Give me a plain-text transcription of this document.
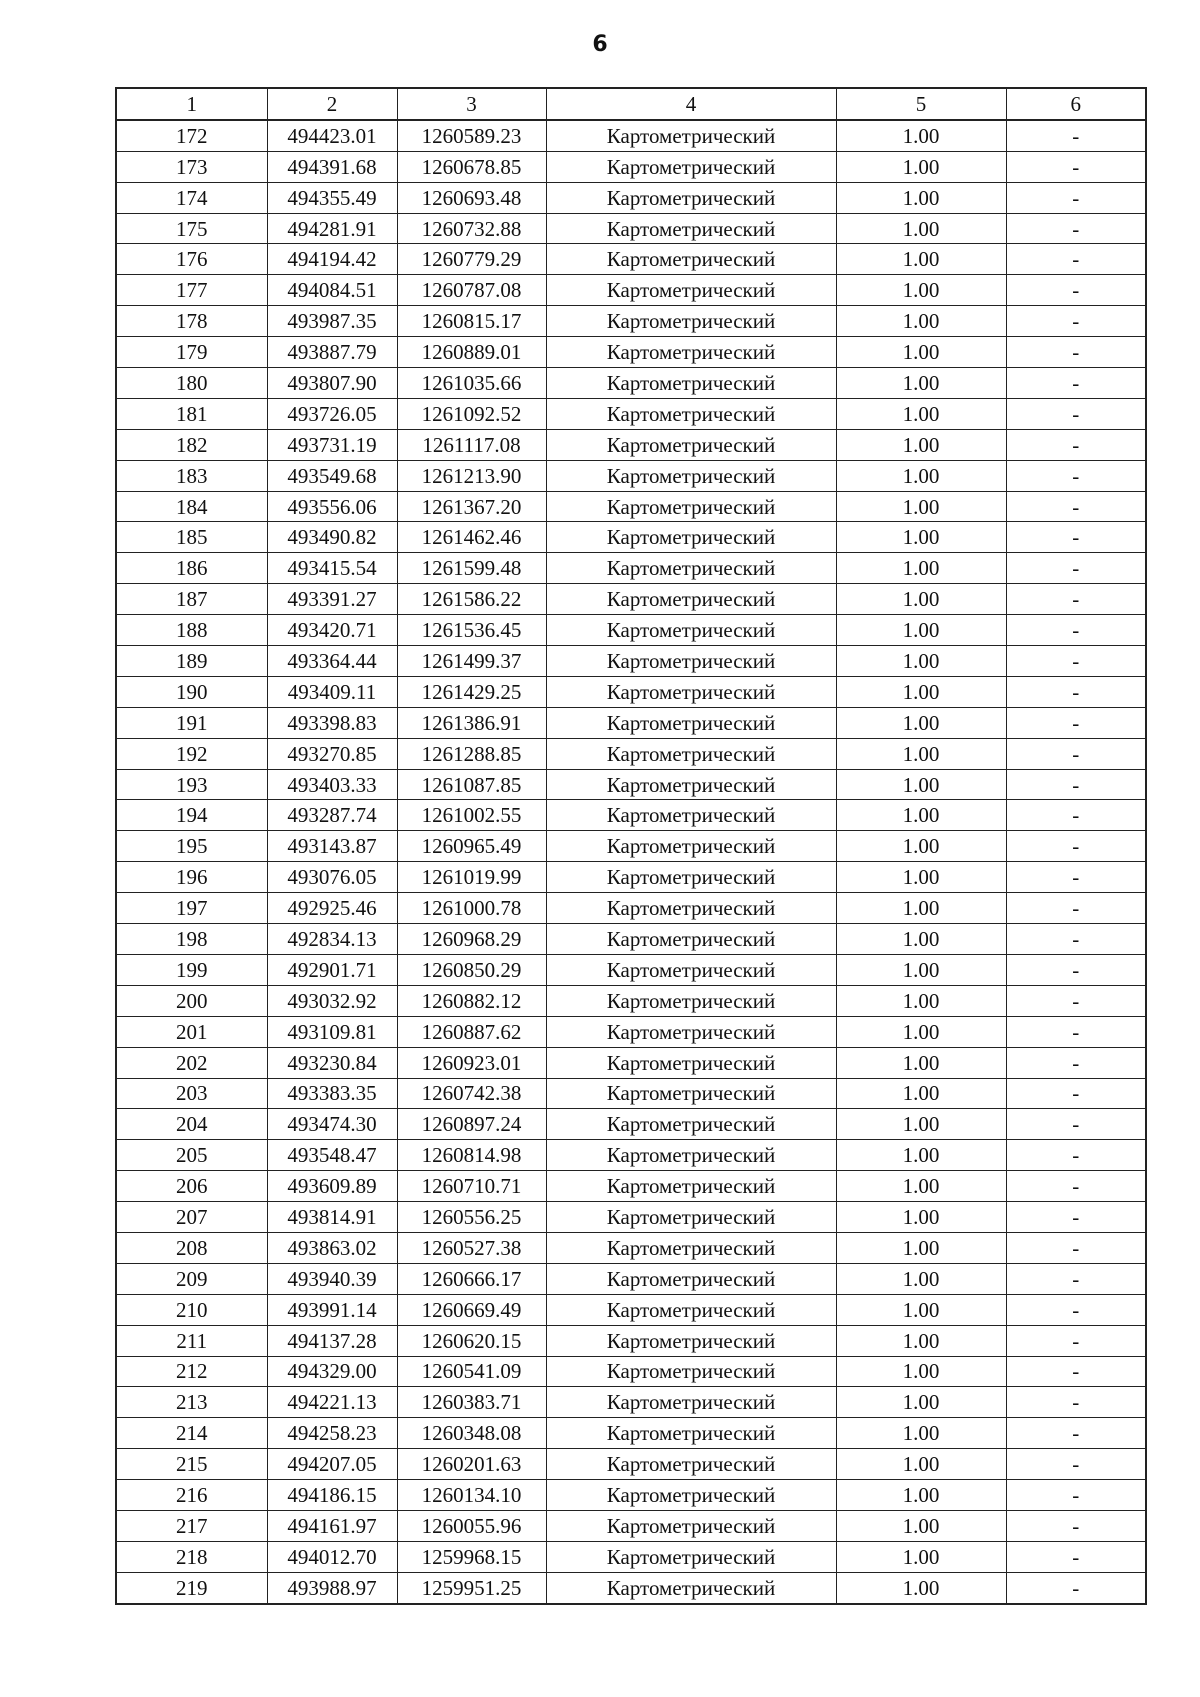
6
1	2	3	4	5	6
172	494423.01	1260589.23	Картометрический	1.00	-
173	494391.68	1260678.85	Картометрический	1.00	-
174	494355.49	1260693.48	Картометрический	1.00	-
175	494281.91	1260732.88	Картометрический	1.00	-
176	494194.42	1260779.29	Картометрический	1.00	-
177	494084.51	1260787.08	Картометрический	1.00	-
178	493987.35	1260815.17	Картометрический	1.00	-
179	493887.79	1260889.01	Картометрический	1.00	-
180	493807.90	1261035.66	Картометрический	1.00	-
181	493726.05	1261092.52	Картометрический	1.00	-
182	493731.19	1261117.08	Картометрический	1.00	-
183	493549.68	1261213.90	Картометрический	1.00	-
184	493556.06	1261367.20	Картометрический	1.00	-
185	493490.82	1261462.46	Картометрический	1.00	-
186	493415.54	1261599.48	Картометрический	1.00	-
187	493391.27	1261586.22	Картометрический	1.00	-
188	493420.71	1261536.45	Картометрический	1.00	-
189	493364.44	1261499.37	Картометрический	1.00	-
190	493409.11	1261429.25	Картометрический	1.00	-
191	493398.83	1261386.91	Картометрический	1.00	-
192	493270.85	1261288.85	Картометрический	1.00	-
193	493403.33	1261087.85	Картометрический	1.00	-
194	493287.74	1261002.55	Картометрический	1.00	-
195	493143.87	1260965.49	Картометрический	1.00	-
196	493076.05	1261019.99	Картометрический	1.00	-
197	492925.46	1261000.78	Картометрический	1.00	-
198	492834.13	1260968.29	Картометрический	1.00	-
199	492901.71	1260850.29	Картометрический	1.00	-
200	493032.92	1260882.12	Картометрический	1.00	-
201	493109.81	1260887.62	Картометрический	1.00	-
202	493230.84	1260923.01	Картометрический	1.00	-
203	493383.35	1260742.38	Картометрический	1.00	-
204	493474.30	1260897.24	Картометрический	1.00	-
205	493548.47	1260814.98	Картометрический	1.00	-
206	493609.89	1260710.71	Картометрический	1.00	-
207	493814.91	1260556.25	Картометрический	1.00	-
208	493863.02	1260527.38	Картометрический	1.00	-
209	493940.39	1260666.17	Картометрический	1.00	-
210	493991.14	1260669.49	Картометрический	1.00	-
211	494137.28	1260620.15	Картометрический	1.00	-
212	494329.00	1260541.09	Картометрический	1.00	-
213	494221.13	1260383.71	Картометрический	1.00	-
214	494258.23	1260348.08	Картометрический	1.00	-
215	494207.05	1260201.63	Картометрический	1.00	-
216	494186.15	1260134.10	Картометрический	1.00	-
217	494161.97	1260055.96	Картометрический	1.00	-
218	494012.70	1259968.15	Картометрический	1.00	-
219	493988.97	1259951.25	Картометрический	1.00	-
